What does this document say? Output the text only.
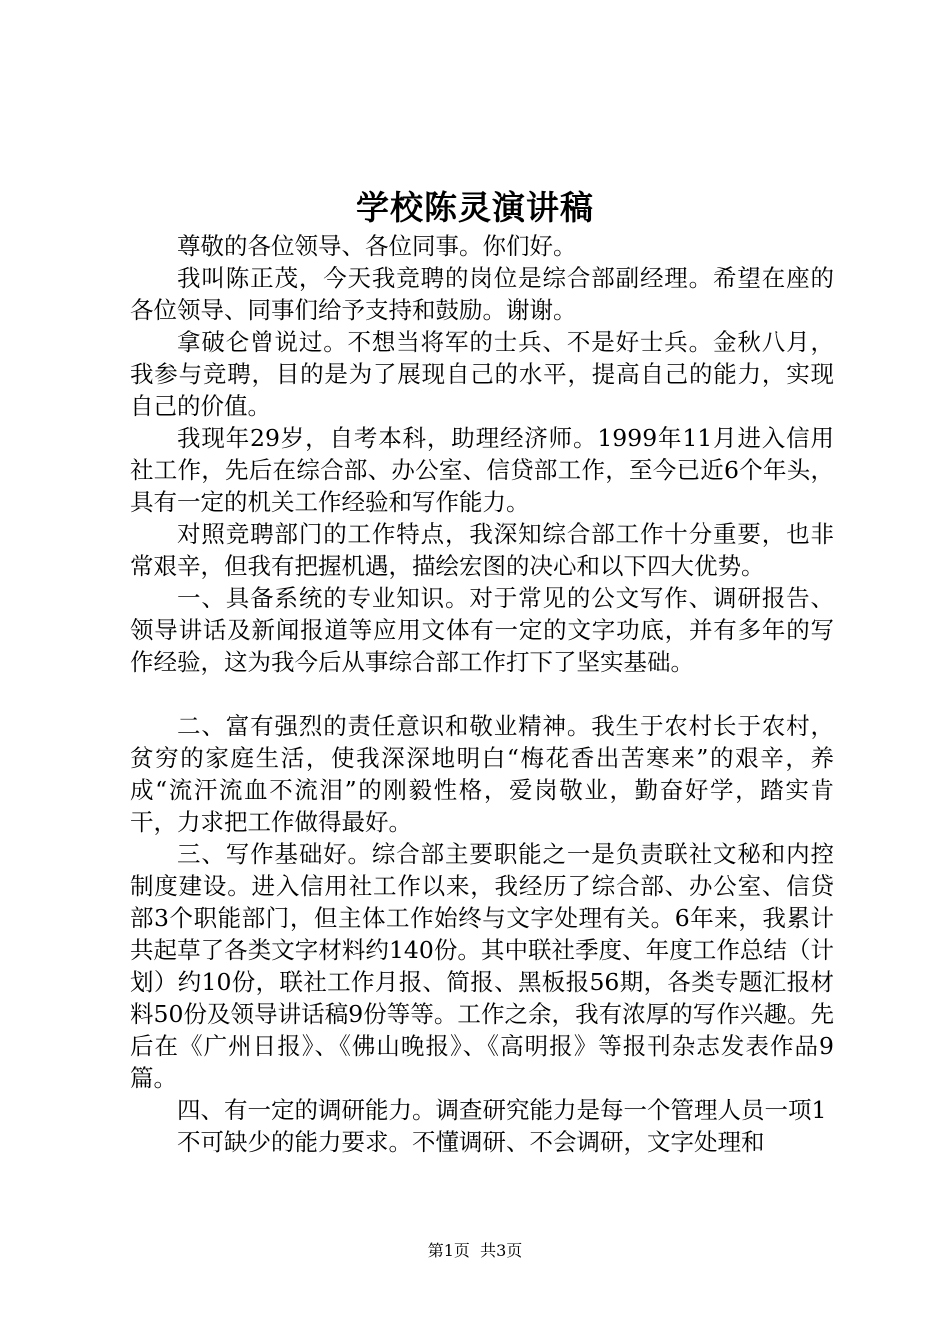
学校陈灵演讲稿

尊敬的各位领导、各位同事。你们好。

我叫陈正茂，今天我竞聘的岗位是综合部副经理。希望在座的各位领导、同事们给予支持和鼓励。谢谢。

拿破仑曾说过。不想当将军的士兵、不是好士兵。金秋八月，我参与竞聘，目的是为了展现自己的水平，提高自己的能力，实现自己的价值。

我现年29岁，自考本科，助理经济师。1999年11月进入信用社工作，先后在综合部、办公室、信贷部工作，至今已近6个年头，具有一定的机关工作经验和写作能力。

对照竞聘部门的工作特点，我深知综合部工作十分重要，也非常艰辛，但我有把握机遇，描绘宏图的决心和以下四大优势。

一、具备系统的专业知识。对于常见的公文写作、调研报告、领导讲话及新闻报道等应用文体有一定的文字功底，并有多年的写作经验，这为我今后从事综合部工作打下了坚实基础。

二、富有强烈的责任意识和敬业精神。我生于农村长于农村，贫穷的家庭生活，使我深深地明白“梅花香出苦寒来”的艰辛，养成“流汗流血不流泪”的刚毅性格，爱岗敬业，勤奋好学，踏实肯干，力求把工作做得最好。

三、写作基础好。综合部主要职能之一是负责联社文秘和内控制度建设。进入信用社工作以来，我经历了综合部、办公室、信贷部3个职能部门，但主体工作始终与文字处理有关。6年来，我累计共起草了各类文字材料约140份。其中联社季度、年度工作总结（计划）约10份，联社工作月报、简报、黑板报56期，各类专题汇报材料50份及领导讲话稿9份等等。工作之余，我有浓厚的写作兴趣。先后在《广州日报》、《佛山晚报》、《高明报》等报刊杂志发表作品9篇。

四、有一定的调研能力。调查研究能力是每一个管理人员一项1

不可缺少的能力要求。不懂调研、不会调研，文字处理和

第1页 共3页
